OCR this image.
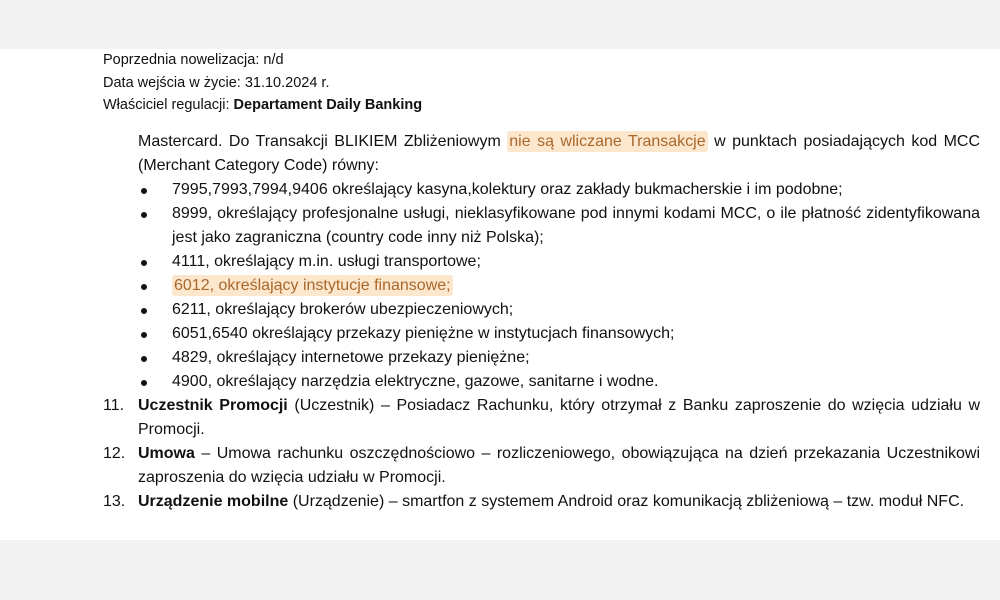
Poprzednia nowelizacja: n/d
Data wejścia w życie: 31.10.2024 r.
Właściciel regulacji: Departament Daily Banking
Mastercard. Do Transakcji BLIKIEM Zbliżeniowym nie są wliczane Transakcje w punktach posiadających kod MCC (Merchant Category Code) równy:
7995,7993,7994,9406 określający kasyna,kolektury oraz zakłady bukmacherskie i im podobne;
8999, określający profesjonalne usługi, nieklasyfikowane pod innymi kodami MCC, o ile płatność zidentyfikowana jest jako zagraniczna (country code inny niż Polska);
4111, określający m.in. usługi transportowe;
6012, określający instytucje finansowe;
6211, określający brokerów ubezpieczeniowych;
6051,6540 określający przekazy pieniężne w instytucjach finansowych;
4829, określający internetowe przekazy pieniężne;
4900, określający narzędzia elektryczne, gazowe, sanitarne i wodne.
11. Uczestnik Promocji (Uczestnik) – Posiadacz Rachunku, który otrzymał z Banku zaproszenie do wzięcia udziału w Promocji.
12. Umowa – Umowa rachunku oszczędnościowo – rozliczeniowego, obowiązująca na dzień przekazania Uczestnikowi zaproszenia do wzięcia udziału w Promocji.
13. Urządzenie mobilne (Urządzenie) – smartfon z systemem Android oraz komunikacją zbliżeniową – tzw. moduł NFC.
